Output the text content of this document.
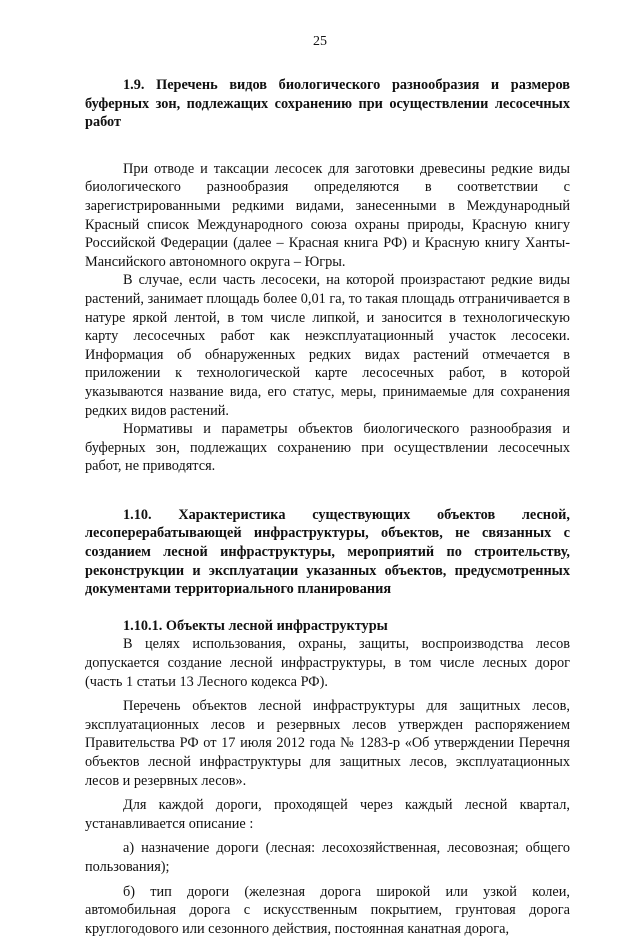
25

1.9. Перечень видов биологического разнообразия и размеров буферных зон, подлежащих сохранению при осуществлении лесосечных работ

При отводе и таксации лесосек для заготовки древесины редкие виды биологического разнообразия определяются в соответствии с зарегистрированными редкими видами, занесенными в Международный Красный список Международного союза охраны природы, Красную книгу Российской Федерации (далее – Красная книга РФ) и Красную книгу Ханты-Мансийского автономного округа – Югры.

В случае, если часть лесосеки, на которой произрастают редкие виды растений, занимает площадь более 0,01 га, то такая площадь отграничивается в натуре яркой лентой, в том числе липкой, и заносится в технологическую карту лесосечных работ как неэксплуатационный участок лесосеки. Информация об обнаруженных редких видах растений отмечается в приложении к технологической карте лесосечных работ, в которой указываются название вида, его статус, меры, принимаемые для сохранения редких видов растений.

Нормативы и параметры объектов биологического разнообразия и буферных зон, подлежащих сохранению при осуществлении лесосечных работ, не приводятся.

1.10. Характеристика существующих объектов лесной, лесоперерабатывающей инфраструктуры, объектов, не связанных с созданием лесной инфраструктуры, мероприятий по строительству, реконструкции и эксплуатации указанных объектов, предусмотренных документами территориального планирования

1.10.1. Объекты лесной инфраструктуры

В целях использования, охраны, защиты, воспроизводства лесов допускается создание лесной инфраструктуры, в том числе лесных дорог (часть 1 статьи 13 Лесного кодекса РФ).

Перечень объектов лесной инфраструктуры для защитных лесов, эксплуатационных лесов и резервных лесов утвержден распоряжением Правительства РФ от 17 июля 2012 года № 1283-р «Об утверждении Перечня объектов лесной инфраструктуры для защитных лесов, эксплуатационных лесов и резервных лесов».

Для каждой дороги, проходящей через каждый лесной квартал, устанавливается описание :

а) назначение дороги (лесная: лесохозяйственная, лесовозная; общего пользования);

б) тип дороги (железная дорога широкой или узкой колеи, автомобильная дорога с искусственным покрытием, грунтовая дорога круглогодового или сезонного действия, постоянная канатная дорога,
